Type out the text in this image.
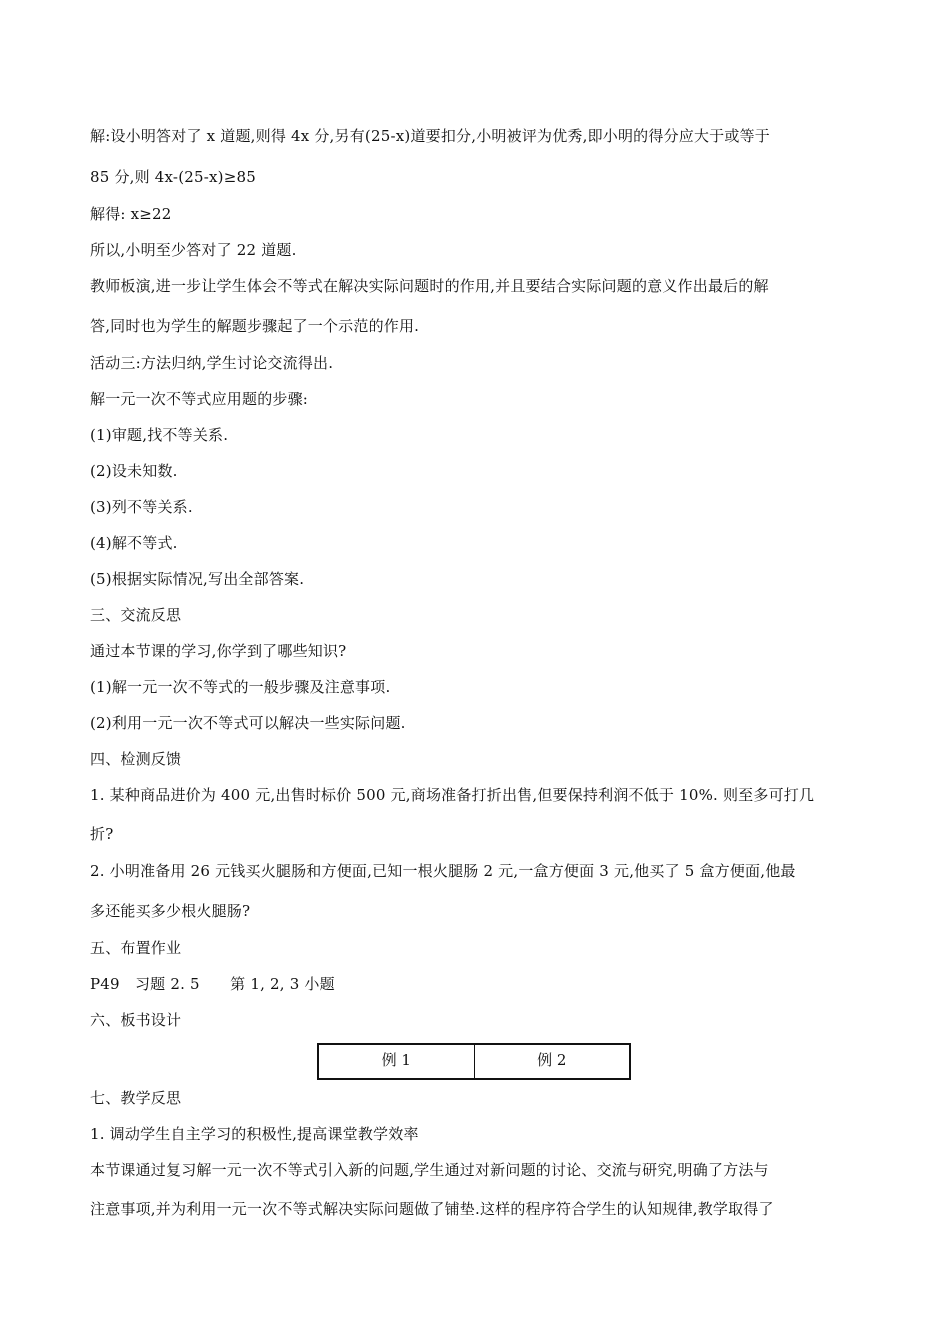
解:设小明答对了 x 道题,则得 4x 分,另有(25-x)道要扣分,小明被评为优秀,即小明的得分应大于或等于
85 分,则 4x-(25-x)≥85
解得: x≥22
所以,小明至少答对了 22 道题.
教师板演,进一步让学生体会不等式在解决实际问题时的作用,并且要结合实际问题的意义作出最后的解
答,同时也为学生的解题步骤起了一个示范的作用.
活动三:方法归纳,学生讨论交流得出.
解一元一次不等式应用题的步骤:
(1)审题,找不等关系.
(2)设未知数.
(3)列不等关系.
(4)解不等式.
(5)根据实际情况,写出全部答案.
三、交流反思
通过本节课的学习,你学到了哪些知识?
(1)解一元一次不等式的一般步骤及注意事项.
(2)利用一元一次不等式可以解决一些实际问题.
四、检测反馈
1. 某种商品进价为 400 元,出售时标价 500 元,商场准备打折出售,但要保持利润不低于 10%. 则至多可打几
折?
2. 小明准备用 26 元钱买火腿肠和方便面,已知一根火腿肠 2 元,一盒方便面 3 元,他买了 5 盒方便面,他最
多还能买多少根火腿肠?
五、布置作业
P49　习题 2. 5　　第 1, 2, 3 小题
六、板书设计
例 1	例 2
七、教学反思
1. 调动学生自主学习的积极性,提高课堂教学效率
本节课通过复习解一元一次不等式引入新的问题,学生通过对新问题的讨论、交流与研究,明确了方法与
注意事项,并为利用一元一次不等式解决实际问题做了铺垫.这样的程序符合学生的认知规律,教学取得了
